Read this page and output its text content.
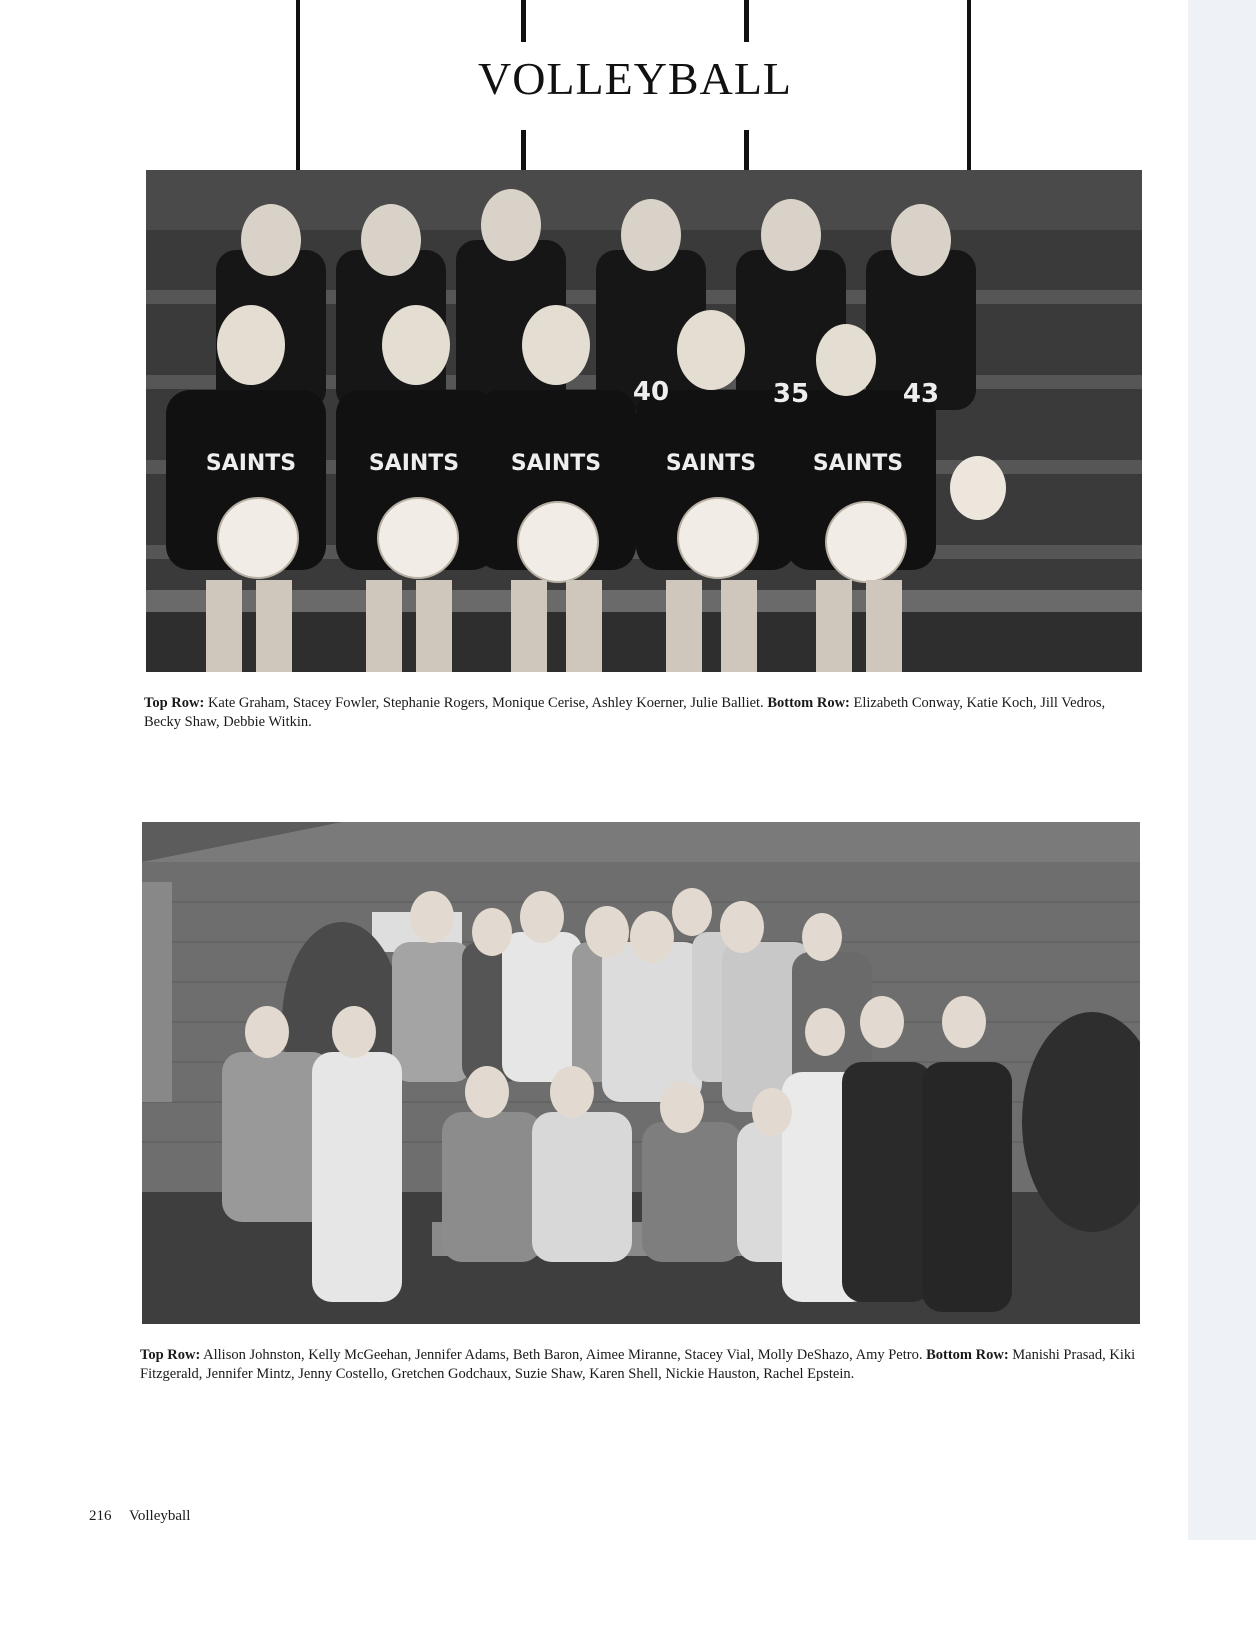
VOLLEYBALL
SAINTS	SAINTS SAINTS	SAINTS	SAINTS
40	35	43
Top Row: Kate Graham, Stacey Fowler, Stephanie Rogers, Monique Cerise, Ashley Koerner, Julie Balliet. Bottom Row: Elizabeth Conway, Katie Koch, Jill Vedros, Becky Shaw, Debbie Witkin.
Top Row: Allison Johnston, Kelly McGeehan, Jennifer Adams, Beth Baron, Aimee Miranne, Stacey Vial, Molly DeShazo, Amy Petro. Bottom Row: Manishi Prasad, Kiki Fitzgerald, Jennifer Mintz, Jenny Costello, Gretchen Godchaux, Suzie Shaw, Karen Shell, Nickie Hauston, Rachel Epstein.
216 Volleyball
